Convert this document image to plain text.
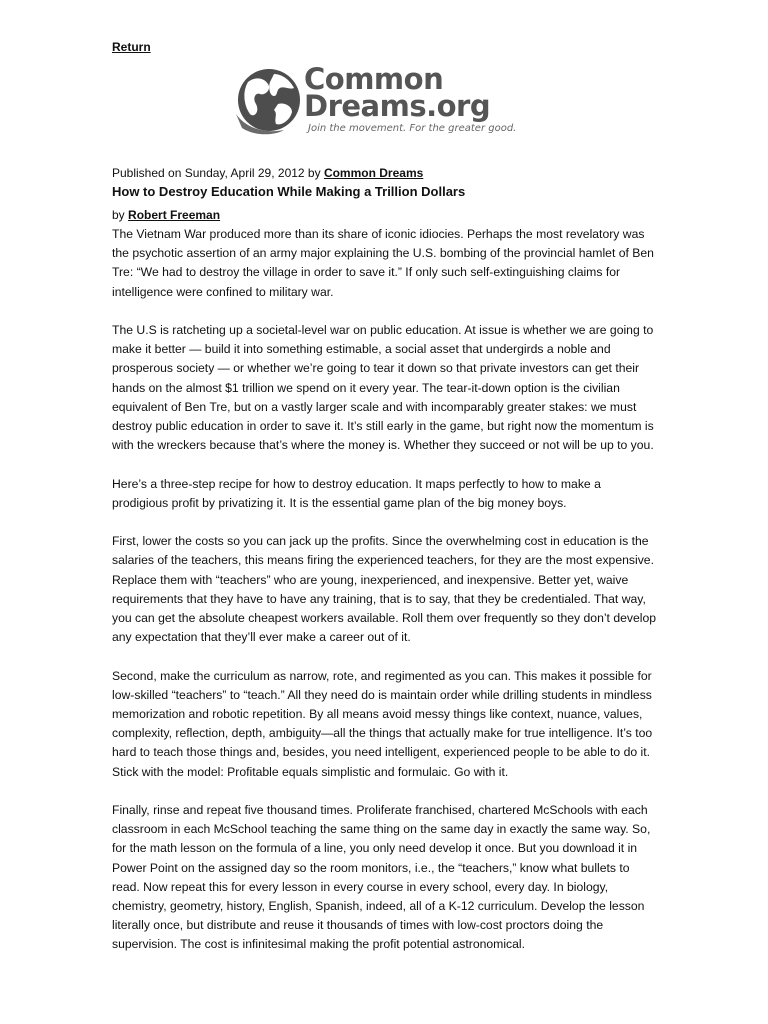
Return
Common
Dreams.org
Join the movement. For the greater good.
Published on Sunday, April 29, 2012 by Common Dreams
How to Destroy Education While Making a Trillion Dollars
by Robert Freeman

The Vietnam War produced more than its share of iconic idiocies. Perhaps the most revelatory was the psychotic assertion of an army major explaining the U.S. bombing of the provincial hamlet of Ben Tre: “We had to destroy the village in order to save it.” If only such self-extinguishing claims for intelligence were confined to military war.

The U.S is ratcheting up a societal-level war on public education. At issue is whether we are going to make it better — build it into something estimable, a social asset that undergirds a noble and prosperous society — or whether we’re going to tear it down so that private investors can get their hands on the almost $1 trillion we spend on it every year. The tear-it-down option is the civilian equivalent of Ben Tre, but on a vastly larger scale and with incomparably greater stakes: we must destroy public education in order to save it. It’s still early in the game, but right now the momentum is with the wreckers because that’s where the money is. Whether they succeed or not will be up to you.

Here’s a three-step recipe for how to destroy education. It maps perfectly to how to make a prodigious profit by privatizing it. It is the essential game plan of the big money boys.

First, lower the costs so you can jack up the profits. Since the overwhelming cost in education is the salaries of the teachers, this means firing the experienced teachers, for they are the most expensive. Replace them with “teachers” who are young, inexperienced, and inexpensive. Better yet, waive requirements that they have to have any training, that is to say, that they be credentialed. That way, you can get the absolute cheapest workers available. Roll them over frequently so they don’t develop any expectation that they’ll ever make a career out of it.

Second, make the curriculum as narrow, rote, and regimented as you can. This makes it possible for low-skilled “teachers” to “teach.” All they need do is maintain order while drilling students in mindless memorization and robotic repetition. By all means avoid messy things like context, nuance, values, complexity, reflection, depth, ambiguity—all the things that actually make for true intelligence. It’s too hard to teach those things and, besides, you need intelligent, experienced people to be able to do it. Stick with the model: Profitable equals simplistic and formulaic. Go with it.

Finally, rinse and repeat five thousand times. Proliferate franchised, chartered McSchools with each classroom in each McSchool teaching the same thing on the same day in exactly the same way. So, for the math lesson on the formula of a line, you only need develop it once. But you download it in Power Point on the assigned day so the room monitors, i.e., the “teachers,” know what bullets to read. Now repeat this for every lesson in every course in every school, every day. In biology, chemistry, geometry, history, English, Spanish, indeed, all of a K-12 curriculum. Develop the lesson literally once, but distribute and reuse it thousands of times with low-cost proctors doing the supervision. The cost is infinitesimal making the profit potential astronomical.
